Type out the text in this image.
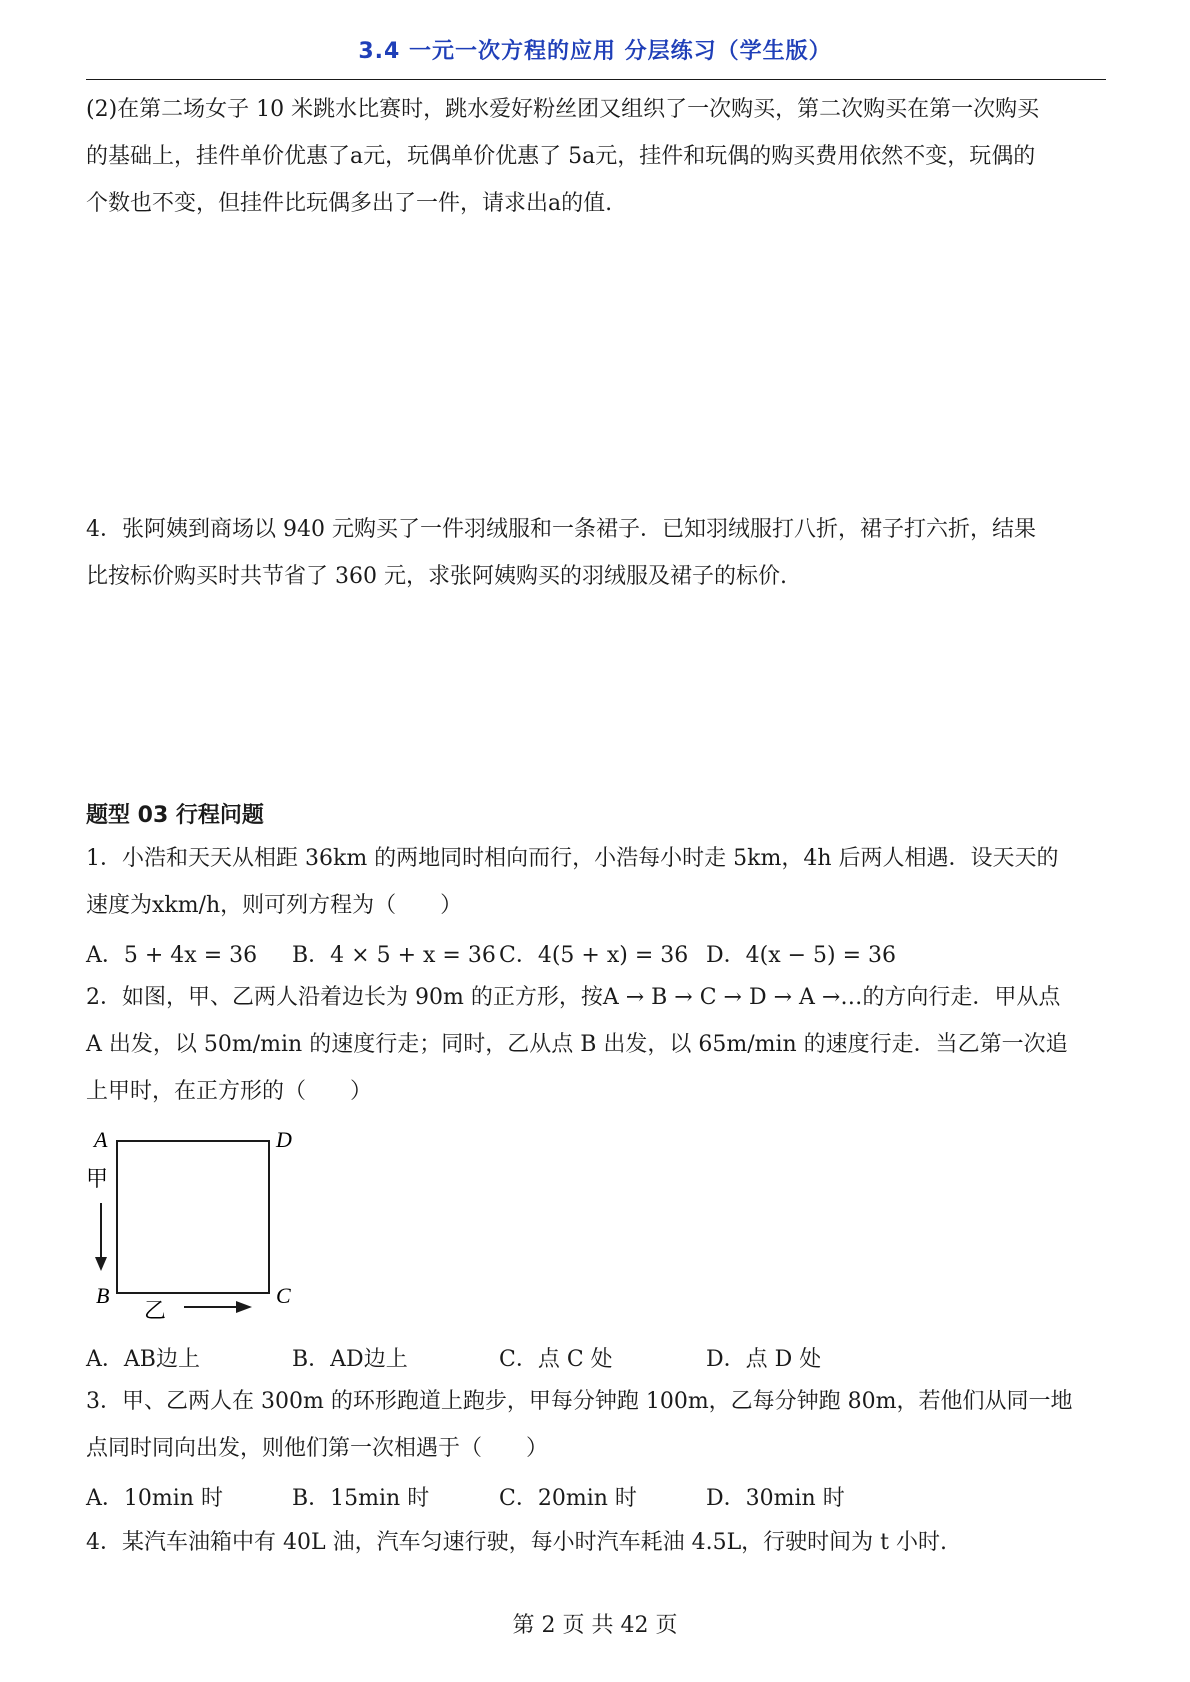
3.4 一元一次方程的应用 分层练习（学生版）
(2)在第二场女子 10 米跳水比赛时，跳水爱好粉丝团又组织了一次购买，第二次购买在第一次购买
的基础上，挂件单价优惠了a元，玩偶单价优惠了 5a元，挂件和玩偶的购买费用依然不变，玩偶的
个数也不变，但挂件比玩偶多出了一件，请求出a的值.
4．张阿姨到商场以 940 元购买了一件羽绒服和一条裙子．已知羽绒服打八折，裙子打六折，结果
比按标价购买时共节省了 360 元，求张阿姨购买的羽绒服及裙子的标价.
题型 03 行程问题
1．小浩和天天从相距 36km 的两地同时相向而行，小浩每小时走 5km，4h 后两人相遇．设天天的
速度为xkm/h，则可列方程为（　　）
A．5 + 4x = 36 B．4 × 5 + x = 36 C．4(5 + x) = 36 D．4(x − 5) = 36
2．如图，甲、乙两人沿着边长为 90m 的正方形，按A → B → C → D → A →…的方向行走．甲从点
A 出发，以 50m/min 的速度行走；同时，乙从点 B 出发，以 65m/min 的速度行走．当乙第一次追
上甲时，在正方形的（　　）
A	D
B	C
甲
乙
A．AB边上	B．AD边上	C．点 C 处	D．点 D 处
3．甲、乙两人在 300m 的环形跑道上跑步，甲每分钟跑 100m，乙每分钟跑 80m，若他们从同一地
点同时同向出发，则他们第一次相遇于（　　）
A．10min 时	B．15min 时	C．20min 时	D．30min 时
4．某汽车油箱中有 40L 油，汽车匀速行驶，每小时汽车耗油 4.5L，行驶时间为 t 小时.
第 2 页 共 42 页
